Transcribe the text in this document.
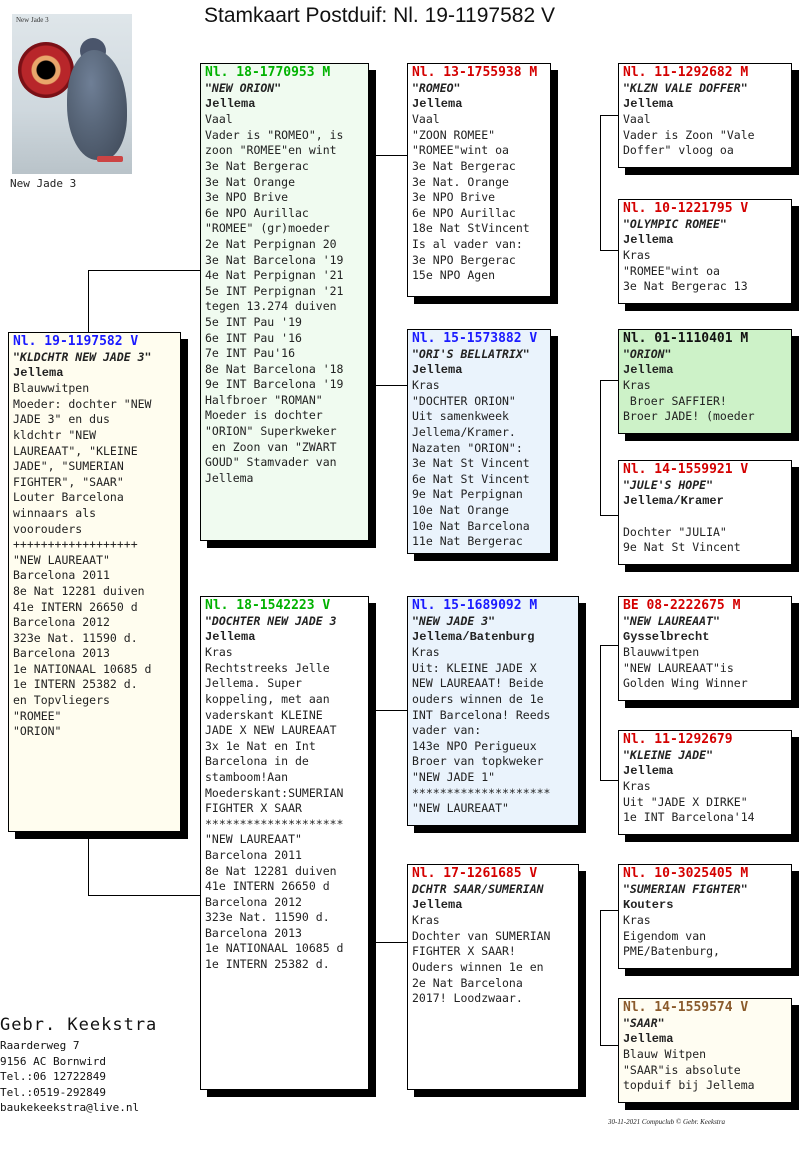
Stamkaart Postduif: Nl. 19-1197582 V
New Jade 3
New Jade 3
Nl. 19-1197582 V
"KLDCHTR NEW JADE 3"
Jellema
Blauwwitpen
Moeder: dochter "NEW
JADE 3" en dus
kldchtr "NEW
LAUREAAT", "KLEINE
JADE", "SUMERIAN
FIGHTER", "SAAR"
Louter Barcelona
winnaars als
voorouders
++++++++++++++++++
"NEW LAUREAAT"
Barcelona 2011
8e Nat 12281 duiven
41e INTERN 26650 d
Barcelona 2012
323e Nat. 11590 d.
Barcelona 2013
1e NATIONAAL 10685 d
1e INTERN 25382 d.
en Topvliegers
"ROMEE"
"ORION"
Nl. 18-1770953 M
"NEW ORION"
Jellema
Vaal
Vader is "ROMEO", is
zoon "ROMEE"en wint
3e Nat Bergerac
3e Nat Orange
3e NPO Brive
6e NPO Aurillac
"ROMEE" (gr)moeder
2e Nat Perpignan 20
3e Nat Barcelona '19
4e Nat Perpignan '21
5e INT Perpignan '21
tegen 13.274 duiven
5e INT Pau '19
6e INT Pau '16
7e INT Pau'16
8e Nat Barcelona '18
9e INT Barcelona '19
Halfbroer "ROMAN"
Moeder is dochter
"ORION" Superkweker
en Zoon van "ZWART
GOUD" Stamvader van
Jellema
Nl. 18-1542223 V
"DOCHTER NEW JADE 3
Jellema
Kras
Rechtstreeks Jelle
Jellema. Super
koppeling, met aan
vaderskant KLEINE
JADE X NEW LAUREAAT
3x 1e Nat en Int
Barcelona in de
stamboom!Aan
Moederskant:SUMERIAN
FIGHTER X SAAR
********************
"NEW LAUREAAT"
Barcelona 2011
8e Nat 12281 duiven
41e INTERN 26650 d
Barcelona 2012
323e Nat. 11590 d.
Barcelona 2013
1e NATIONAAL 10685 d
1e INTERN 25382 d.
Nl. 13-1755938 M
"ROMEO"
Jellema
Vaal
"ZOON ROMEE"
"ROMEE"wint oa
3e Nat Bergerac
3e Nat. Orange
3e NPO Brive
6e NPO Aurillac
18e Nat StVincent
Is al vader van:
3e NPO Bergerac
15e NPO Agen
Nl. 15-1573882 V
"ORI'S BELLATRIX"
Jellema
Kras
"DOCHTER ORION"
Uit samenkweek
Jellema/Kramer.
Nazaten "ORION":
3e Nat St Vincent
6e Nat St Vincent
9e Nat Perpignan
10e Nat Orange
10e Nat Barcelona
11e Nat Bergerac
Nl. 15-1689092 M
"NEW JADE 3"
Jellema/Batenburg
Kras
Uit: KLEINE JADE X
NEW LAUREAAT! Beide
ouders winnen de 1e
INT Barcelona! Reeds
vader van:
143e NPO Perigueux
Broer van topkweker
"NEW JADE 1"
********************
"NEW LAUREAAT"
Nl. 17-1261685 V
DCHTR SAAR/SUMERIAN
Jellema
Kras
Dochter van SUMERIAN
FIGHTER X SAAR!
Ouders winnen 1e en
2e Nat Barcelona
2017! Loodzwaar.
Nl. 11-1292682 M
"KLZN VALE DOFFER"
Jellema
Vaal
Vader is Zoon "Vale
Doffer" vloog oa
Nl. 10-1221795 V
"OLYMPIC ROMEE"
Jellema
Kras
"ROMEE"wint oa
3e Nat Bergerac 13
Nl. 01-1110401 M
"ORION"
Jellema
Kras
Broer SAFFIER!
Broer JADE! (moeder
Nl. 14-1559921 V
"JULE'S HOPE"
Jellema/Kramer

Dochter "JULIA"
9e Nat St Vincent
BE 08-2222675 M
"NEW LAUREAAT"
Gysselbrecht
Blauwwitpen
"NEW LAUREAAT"is
Golden Wing Winner
Nl. 11-1292679
"KLEINE JADE"
Jellema
Kras
Uit "JADE X DIRKE"
1e INT Barcelona'14
Nl. 10-3025405 M
"SUMERIAN FIGHTER"
Kouters
Kras
Eigendom van
PME/Batenburg,
Nl. 14-1559574 V
"SAAR"
Jellema
Blauw Witpen
"SAAR"is absolute
topduif bij Jellema
Gebr. Keekstra
Raarderweg 7
9156 AC Bornwird
Tel.:06 12722849
Tel.:0519-292849
baukekeekstra@live.nl
30-11-2021 Compuclub © Gebr. Keekstra
